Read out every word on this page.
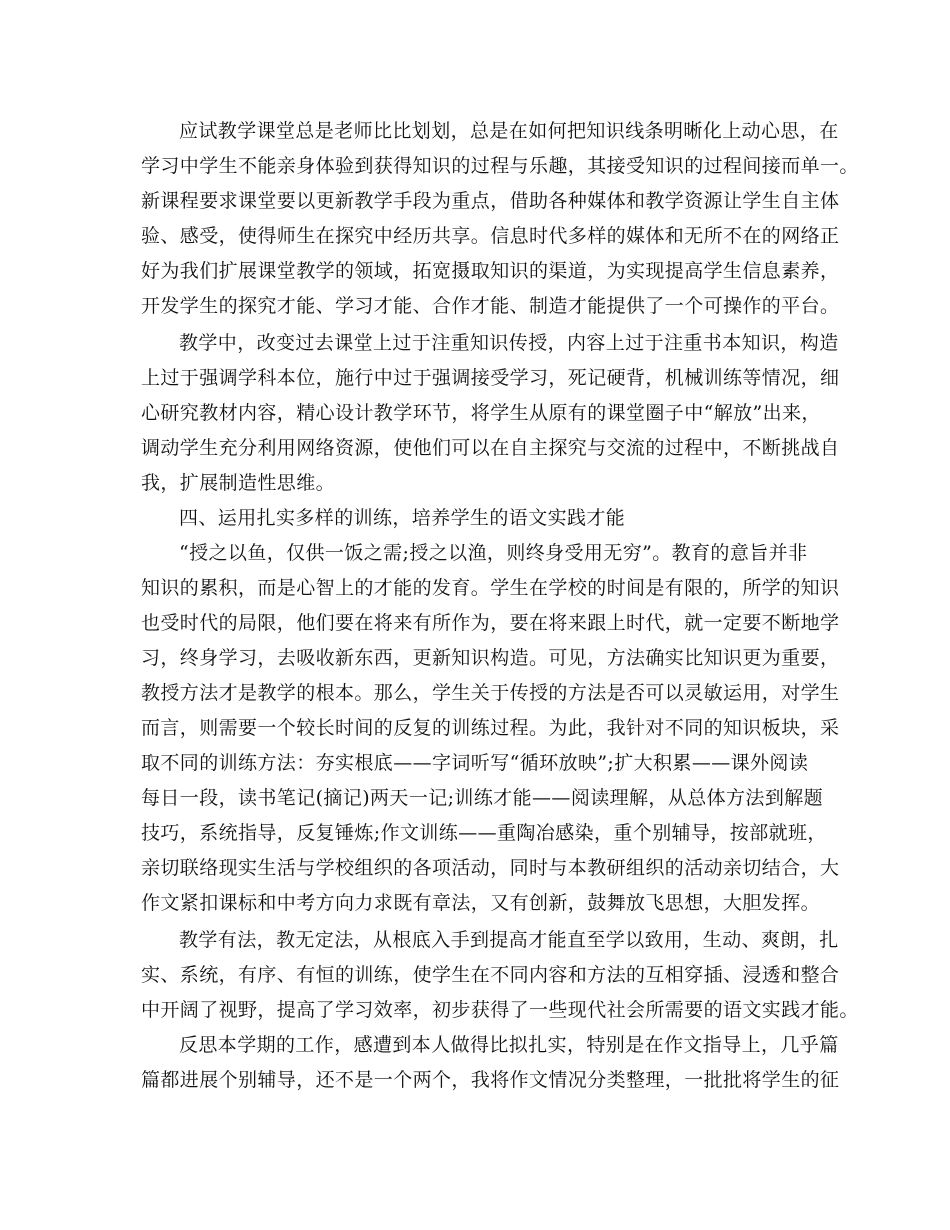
应试教学课堂总是老师比比划划，总是在如何把知识线条明晰化上动心思，在
学习中学生不能亲身体验到获得知识的过程与乐趣，其接受知识的过程间接而单一。
新课程要求课堂要以更新教学手段为重点，借助各种媒体和教学资源让学生自主体
验、感受，使得师生在探究中经历共享。信息时代多样的媒体和无所不在的网络正
好为我们扩展课堂教学的领域，拓宽摄取知识的渠道，为实现提高学生信息素养，
开发学生的探究才能、学习才能、合作才能、制造才能提供了一个可操作的平台。
教学中，改变过去课堂上过于注重知识传授，内容上过于注重书本知识，构造
上过于强调学科本位，施行中过于强调接受学习，死记硬背，机械训练等情况，细
心研究教材内容，精心设计教学环节，将学生从原有的课堂圈子中“解放”出来，
调动学生充分利用网络资源，使他们可以在自主探究与交流的过程中，不断挑战自
我，扩展制造性思维。
四、运用扎实多样的训练，培养学生的语文实践才能
“授之以鱼，仅供一饭之需;授之以渔，则终身受用无穷”。教育的意旨并非
知识的累积，而是心智上的才能的发育。学生在学校的时间是有限的，所学的知识
也受时代的局限，他们要在将来有所作为，要在将来跟上时代，就一定要不断地学
习，终身学习，去吸收新东西，更新知识构造。可见，方法确实比知识更为重要，
教授方法才是教学的根本。那么，学生关于传授的方法是否可以灵敏运用，对学生
而言，则需要一个较长时间的反复的训练过程。为此，我针对不同的知识板块，采
取不同的训练方法：夯实根底——字词听写“循环放映”;扩大积累——课外阅读
每日一段，读书笔记(摘记)两天一记;训练才能——阅读理解，从总体方法到解题
技巧，系统指导，反复锤炼;作文训练——重陶冶感染，重个别辅导，按部就班，
亲切联络现实生活与学校组织的各项活动，同时与本教研组织的活动亲切结合，大
作文紧扣课标和中考方向力求既有章法，又有创新，鼓舞放飞思想，大胆发挥。
教学有法，教无定法，从根底入手到提高才能直至学以致用，生动、爽朗，扎
实、系统，有序、有恒的训练，使学生在不同内容和方法的互相穿插、浸透和整合
中开阔了视野，提高了学习效率，初步获得了一些现代社会所需要的语文实践才能。
反思本学期的工作，感遭到本人做得比拟扎实，特别是在作文指导上，几乎篇
篇都进展个别辅导，还不是一个两个，我将作文情况分类整理，一批批将学生的征
